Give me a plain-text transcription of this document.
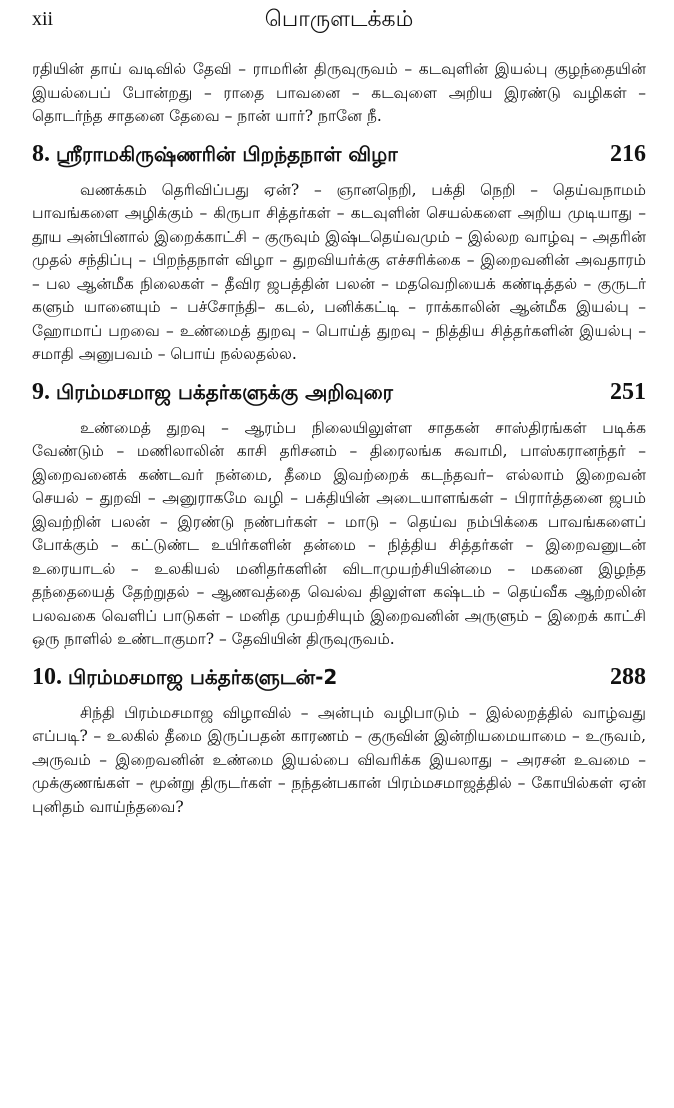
xii	பொருளடக்கம்

ரதியின் தாய் வடிவில் தேவி – ராமரின் திருவுருவம் – கடவுளின் இயல்பு குழந்தையின் இயல்பைப் போன்றது – ராதை பாவனை – கடவுளை அறிய இரண்டு வழிகள் – தொடர்ந்த சாதனை தேவை – நான் யார்? நானே நீ.

8. ஸ்ரீராமகிருஷ்ணரின் பிறந்தநாள் விழா	216

வணக்கம் தெரிவிப்பது ஏன்? – ஞானநெறி, பக்தி நெறி – தெய்வநாமம் பாவங்களை அழிக்கும் – கிருபா சித்தர்கள் – கடவுளின் செயல்களை அறிய முடியாது – தூய அன்பினால் இறைக்காட்சி – குருவும் இஷ்டதெய்வமும் – இல்லற வாழ்வு – அதரின் முதல் சந்திப்பு – பிறந்தநாள் விழா – துறவியர்க்கு எச்சரிக்கை – இறைவனின் அவதாரம் – பல ஆன்மீக நிலைகள் – தீவிர ஜபத்தின் பலன் – மதவெறியைக் கண்டித்தல் – குருடர் களும் யானையும் – பச்சோந்தி– கடல், பனிக்கட்டி – ராக்காலின் ஆன்மீக இயல்பு – ஹோமாப் பறவை – உண்மைத் துறவு – பொய்த் துறவு – நித்திய சித்தர்களின் இயல்பு – சமாதி அனுபவம் – பொய் நல்லதல்ல.

9. பிரம்மசமாஜ பக்தர்களுக்கு அறிவுரை	251

உண்மைத் துறவு – ஆரம்ப நிலையிலுள்ள சாதகன் சாஸ்திரங்கள் படிக்க வேண்டும் – மணிலாலின் காசி தரிசனம் – திரைலங்க சுவாமி, பாஸ்கரானந்தர் – இறைவனைக் கண்டவர் நன்மை, தீமை இவற்றைக் கடந்தவர்– எல்லாம் இறைவன் செயல் – துறவி – அனுராகமே வழி – பக்தியின் அடையாளங்கள் – பிரார்த்தனை ஜபம் இவற்றின் பலன் – இரண்டு நண்பர்கள் – மாடு – தெய்வ நம்பிக்கை பாவங்களைப் போக்கும் – கட்டுண்ட உயிர்களின் தன்மை – நித்திய சித்தர்கள் – இறைவனுடன் உரையாடல் – உலகியல் மனிதர்களின் விடாமுயற்சியின்மை – மகனை இழந்த தந்தையைத் தேற்றுதல் – ஆணவத்தை வெல்வ திலுள்ள கஷ்டம் – தெய்வீக ஆற்றலின் பலவகை வெளிப் பாடுகள் – மனித முயற்சியும் இறைவனின் அருளும் – இறைக் காட்சி ஒரு நாளில் உண்டாகுமா? – தேவியின் திருவுருவம்.

10. பிரம்மசமாஜ பக்தர்களுடன்-2	288

சிந்தி பிரம்மசமாஜ விழாவில் – அன்பும் வழிபாடும் – இல்லறத்தில் வாழ்வது எப்படி? – உலகில் தீமை இருப்பதன் காரணம் – குருவின் இன்றியமையாமை – உருவம், அருவம் – இறைவனின் உண்மை இயல்பை விவரிக்க இயலாது – அரசன் உவமை – முக்குணங்கள் – மூன்று திருடர்கள் – நந்தன்பகான் பிரம்மசமாஜத்தில் – கோயில்கள் ஏன் புனிதம் வாய்ந்தவை?
